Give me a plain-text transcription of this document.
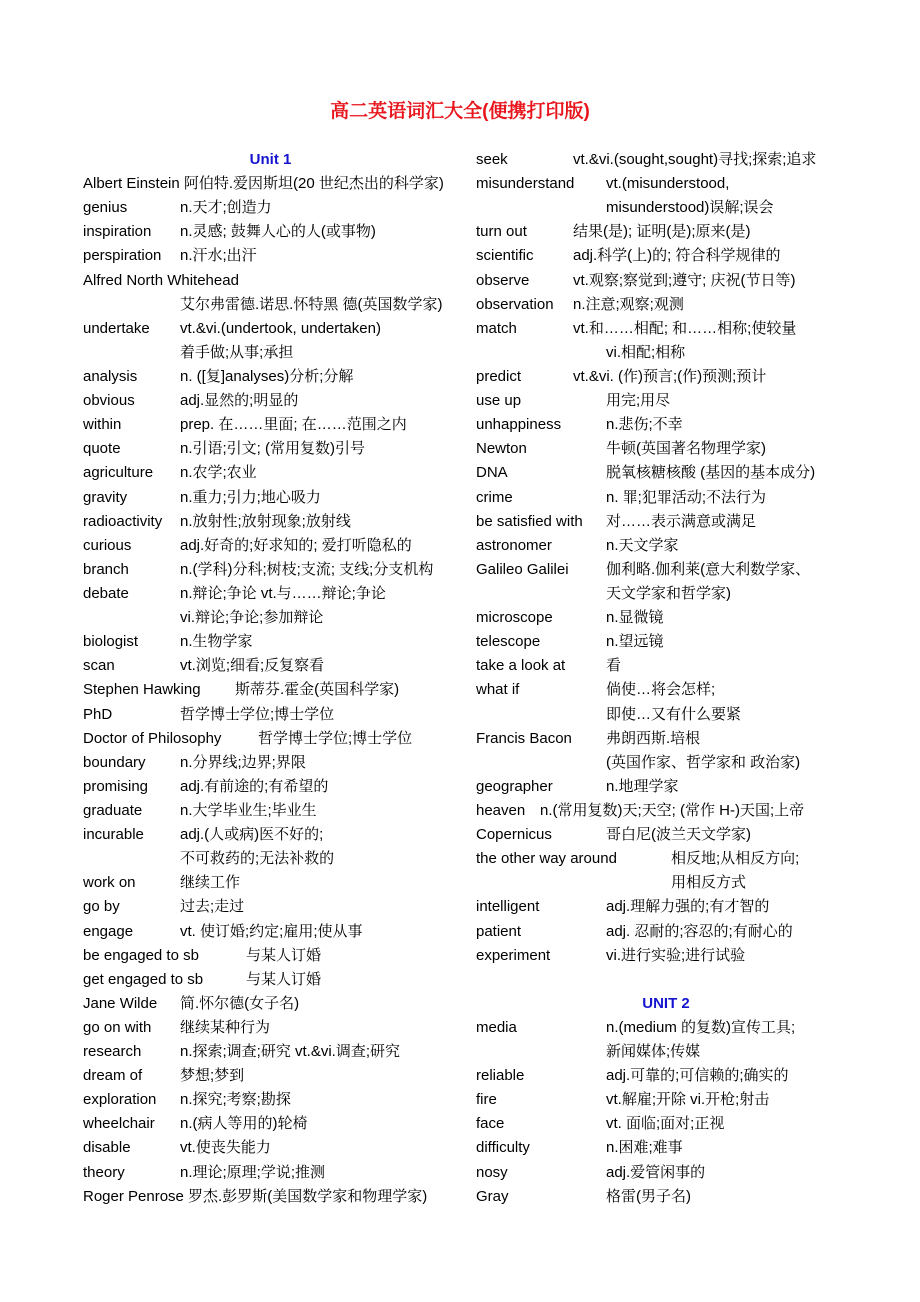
高二英语词汇大全(便携打印版)
Unit 1
Albert Einstein 阿伯特.爱因斯坦(20 世纪杰出的科学家)
genius	n.天才;创造力
inspiration n.灵感; 鼓舞人心的人(或事物)
perspiration n.汗水;出汗
Alfred North Whitehead
艾尔弗雷德.诺思.怀特黑 德(英国数学家)
undertake vt.&vi.(undertook, undertaken)
着手做;从事;承担
analysis	n. ([复]analyses)分析;分解
obvious	adj.显然的;明显的
within	prep. 在……里面; 在……范围之内
quote	n.引语;引文; (常用复数)引号
agriculture n.农学;农业
gravity	n.重力;引力;地心吸力
radioactivity n.放射性;放射现象;放射线
curious	adj.好奇的;好求知的; 爱打听隐私的
branch	n.(学科)分科;树枝;支流; 支线;分支机构
debate	n.辩论;争论 vt.与……辩论;争论
vi.辩论;争论;参加辩论
biologist	n.生物学家
scan	vt.浏览;细看;反复察看
Stephen Hawking 斯蒂芬.霍金(英国科学家)
PhD	哲学博士学位;博士学位
Doctor of Philosophy 哲学博士学位;博士学位
boundary n.分界线;边界;界限
promising adj.有前途的;有希望的
graduate	n.大学毕业生;毕业生
incurable adj.(人或病)医不好的;
不可救药的;无法补救的
work on	继续工作
go by	过去;走过
engage	vt. 使订婚;约定;雇用;使从事
be engaged to sb	与某人订婚
get engaged to sb	与某人订婚
Jane Wilde 简.怀尔德(女子名)
go on with 继续某种行为
research	n.探索;调查;研究 vt.&vi.调查;研究
dream of	梦想;梦到
exploration n.探究;考察;勘探
wheelchair n.(病人等用的)轮椅
disable	vt.使丧失能力
theory	n.理论;原理;学说;推测
Roger Penrose 罗杰.彭罗斯(美国数学家和物理学家)
seek	vt.&vi.(sought,sought)寻找;探索;追求
misunderstand vt.(misunderstood,
misunderstood)误解;误会
turn out	结果(是); 证明(是);原来(是)
scientific	adj.科学(上)的; 符合科学规律的
observe	vt.观察;察觉到;遵守; 庆祝(节日等)
observation n.注意;观察;观测
match	vt.和……相配; 和……相称;使较量
vi.相配;相称
predict	vt.&vi. (作)预言;(作)预测;预计
use up	用完;用尽
unhappiness	n.悲伤;不幸
Newton	牛顿(英国著名物理学家)
DNA	脱氧核糖核酸 (基因的基本成分)
crime	n. 罪;犯罪活动;不法行为
be satisfied with 对……表示满意或满足
astronomer	n.天文学家
Galileo Galilei 伽利略.伽利莱(意大利数学家、
天文学家和哲学家)
microscope	n.显微镜
telescope	n.望远镜
take a look at	看
what if	倘使…将会怎样;
即使…又有什么要紧
Francis Bacon 弗朗西斯.培根
(英国作家、哲学家和 政治家)
geographer	n.地理学家
heaven n.(常用复数)天;天空; (常作 H-)天国;上帝
Copernicus	哥白尼(波兰天文学家)
the other way around	相反地;从相反方向;
用相反方式
intelligent	adj.理解力强的;有才智的
patient	adj. 忍耐的;容忍的;有耐心的
experiment	vi.进行实验;进行试验
UNIT 2
media	n.(medium 的复数)宣传工具;
新闻媒体;传媒
reliable	adj.可靠的;可信赖的;确实的
fire	vt.解雇;开除 vi.开枪;射击
face	vt. 面临;面对;正视
difficulty	n.困难;难事
nosy	adj.爱管闲事的
Gray	格雷(男子名)
